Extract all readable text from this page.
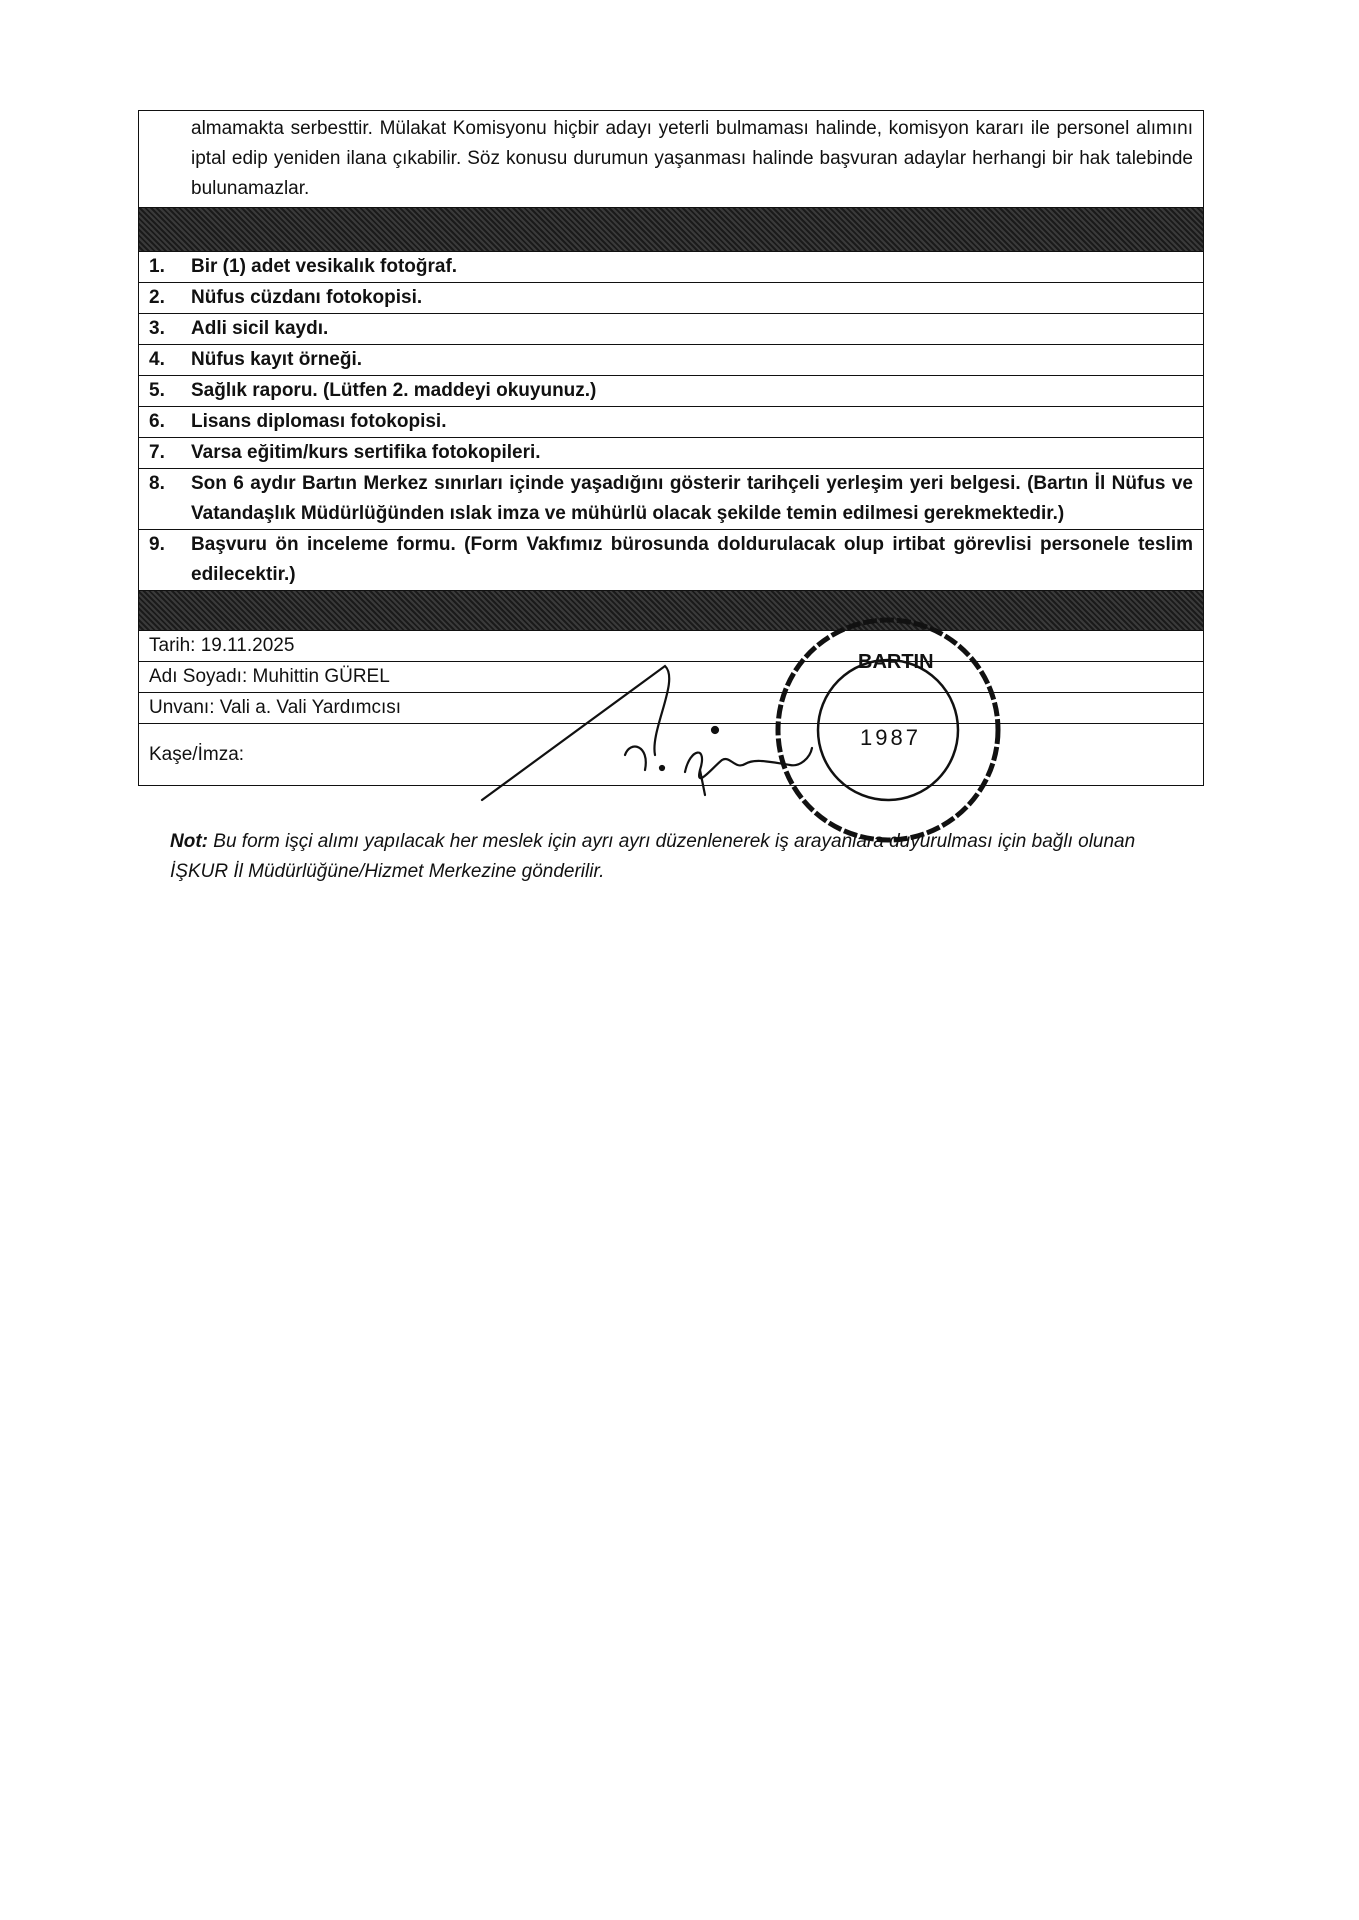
almamakta serbesttir. Mülakat Komisyonu hiçbir adayı yeterli bulmaması halinde, komisyon kararı ile personel alımını iptal edip yeniden ilana çıkabilir. Söz konusu durumun yaşanması halinde başvuran adaylar herhangi bir hak talebinde bulunamazlar.
1.	Bir (1) adet vesikalık fotoğraf.
2.	Nüfus cüzdanı fotokopisi.
3.	Adli sicil kaydı.
4.	Nüfus kayıt örneği.
5.	Sağlık raporu. (Lütfen 2. maddeyi okuyunuz.)
6.	Lisans diploması fotokopisi.
7.	Varsa eğitim/kurs sertifika fotokopileri.
8.	Son 6 aydır Bartın Merkez sınırları içinde yaşadığını gösterir tarihçeli yerleşim yeri belgesi. (Bartın İl Nüfus ve Vatandaşlık Müdürlüğünden ıslak imza ve mühürlü olacak şekilde temin edilmesi gerekmektedir.)
9.	Başvuru ön inceleme formu. (Form Vakfımız bürosunda doldurulacak olup irtibat görevlisi personele teslim edilecektir.)
Tarih: 19.11.2025
Adı Soyadı: Muhittin GÜREL
Unvanı: Vali a. Vali Yardımcısı
Kaşe/İmza:
BARTIN
1987
Not: Bu form işçi alımı yapılacak her meslek için ayrı ayrı düzenlenerek iş arayanlara duyurulması için bağlı olunan İŞKUR İl Müdürlüğüne/Hizmet Merkezine gönderilir.
